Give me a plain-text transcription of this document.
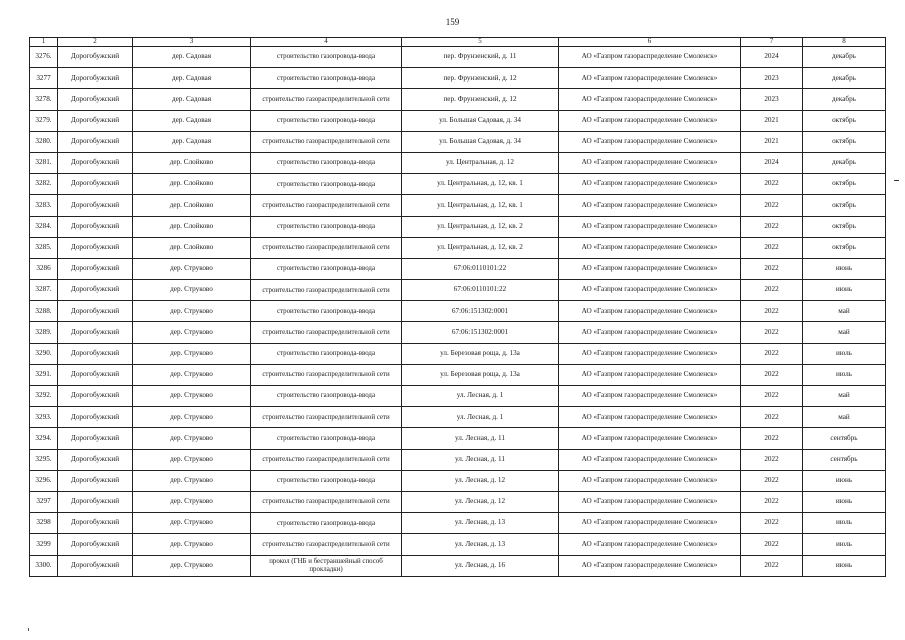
159
1	2	3	4	5	6	7	8
3276.	Дорогобужский	дер. Садовая	строительство газопровода-ввода	пер. Фрунзенский, д. 11	АО «Газпром газораспределение Смоленск»	2024	декабрь
3277	Дорогобужский	дер. Садовая	строительство газопровода-ввода	пер. Фрунзенский, д. 12	АО «Газпром газораспределение Смоленск»	2023	декабрь
3278.	Дорогобужский	дер. Садовая	строительство газораспределительной сети	пер. Фрунзенский, д. 12	АО «Газпром газораспределение Смоленск»	2023	декабрь
3279.	Дорогобужский	дер. Садовая	строительство газопровода-ввода	ул. Большая Садовая, д. 34	АО «Газпром газораспределение Смоленск»	2021	октябрь
3280.	Дорогобужский	дер. Садовая	строительство газораспределительной сети	ул. Большая Садовая, д. 34	АО «Газпром газораспределение Смоленск»	2021	октябрь
3281.	Дорогобужский	дер. Слойково	строительство газопровода-ввода	ул. Центральная, д. 12	АО «Газпром газораспределение Смоленск»	2024	декабрь
3282.	Дорогобужский	дер. Слойково	строительство газопровода-ввода	ул. Центральная, д. 12, кв. 1	АО «Газпром газораспределение Смоленск»	2022	октябрь
3283.	Дорогобужский	дер. Слойково	строительство газораспределительной сети	ул. Центральная, д. 12, кв. 1	АО «Газпром газораспределение Смоленск»	2022	октябрь
3284.	Дорогобужский	дер. Слойково	строительство газопровода-ввода	ул. Центральная, д. 12, кв. 2	АО «Газпром газораспределение Смоленск»	2022	октябрь
3285.	Дорогобужский	дер. Слойково	строительство газораспределительной сети	ул. Центральная, д. 12, кв. 2	АО «Газпром газораспределение Смоленск»	2022	октябрь
3286	Дорогобужский	дер. Струково	строительство газопровода-ввода	67:06:0110101:22	АО «Газпром газораспределение Смоленск»	2022	июнь
3287.	Дорогобужский	дер. Струково	строительство газораспределительной сети	67:06:0110101:22	АО «Газпром газораспределение Смоленск»	2022	июнь
3288.	Дорогобужский	дер. Струково	строительство газопровода-ввода	67:06:151302:0001	АО «Газпром газораспределение Смоленск»	2022	май
3289.	Дорогобужский	дер. Струково	строительство газораспределительной сети	67:06:151302:0001	АО «Газпром газораспределение Смоленск»	2022	май
3290.	Дорогобужский	дер. Струково	строительство газопровода-ввода	ул. Березовая роща, д. 13а	АО «Газпром газораспределение Смоленск»	2022	июль
3291.	Дорогобужский	дер. Струково	строительство газораспределительной сети	ул. Березовая роща, д. 13а	АО «Газпром газораспределение Смоленск»	2022	июль
3292.	Дорогобужский	дер. Струково	строительство газопровода-ввода	ул. Лесная, д. 1	АО «Газпром газораспределение Смоленск»	2022	май
3293.	Дорогобужский	дер. Струково	строительство газораспределительной сети	ул. Лесная, д. 1	АО «Газпром газораспределение Смоленск»	2022	май
3294.	Дорогобужский	дер. Струково	строительство газопровода-ввода	ул. Лесная, д. 11	АО «Газпром газораспределение Смоленск»	2022	сентябрь
3295.	Дорогобужский	дер. Струково	строительство газораспределительной сети	ул. Лесная, д. 11	АО «Газпром газораспределение Смоленск»	2022	сентябрь
3296.	Дорогобужский	дер. Струково	строительство газопровода-ввода	ул. Лесная, д. 12	АО «Газпром газораспределение Смоленск»	2022	июнь
3297	Дорогобужский	дер. Струково	строительство газораспределительной сети	ул. Лесная, д. 12	АО «Газпром газораспределение Смоленск»	2022	июнь
3298	Дорогобужский	дер. Струково	строительство газопровода-ввода	ул. Лесная, д. 13	АО «Газпром газораспределение Смоленск»	2022	июль
3299	Дорогобужский	дер. Струково	строительство газораспределительной сети	ул. Лесная, д. 13	АО «Газпром газораспределение Смоленск»	2022	июль
3300.	Дорогобужский	дер. Струково	прокол (ГНБ и бестраншейный способ прокладки)	ул. Лесная, д. 16	АО «Газпром газораспределение Смоленск»	2022	июнь
